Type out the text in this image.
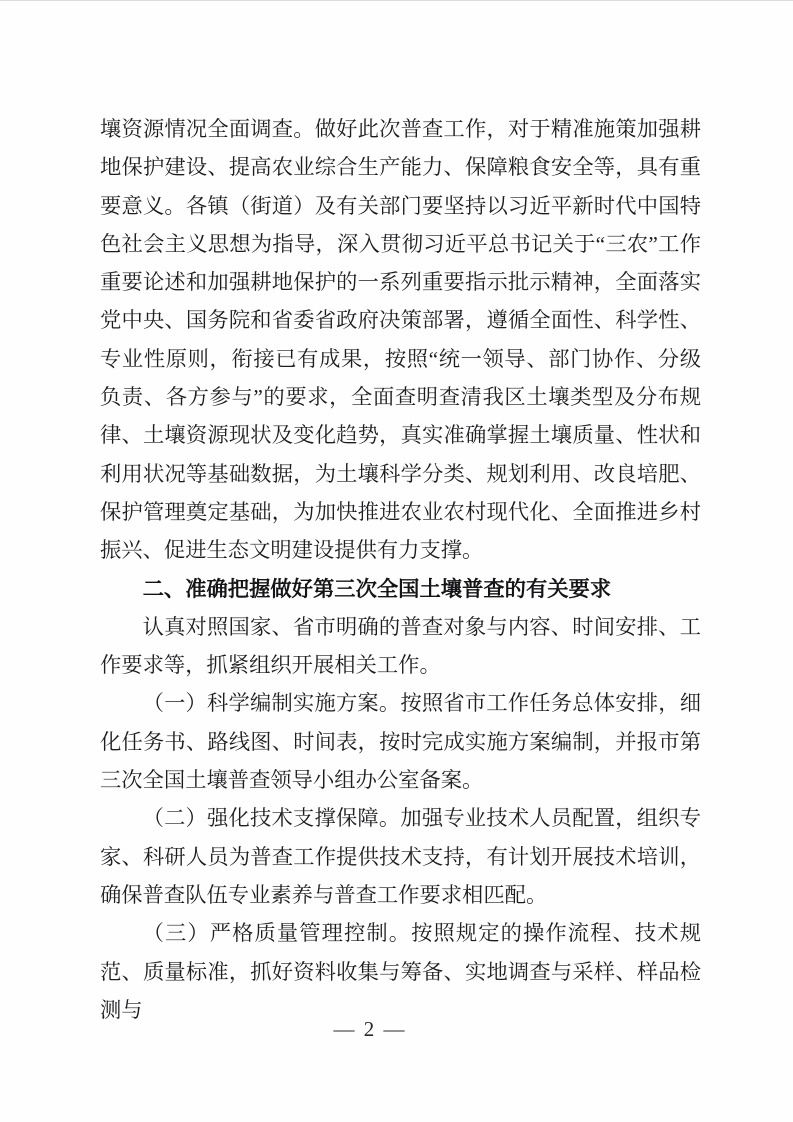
壤资源情况全面调查。做好此次普查工作，对于精准施策加强耕地保护建设、提高农业综合生产能力、保障粮食安全等，具有重要意义。各镇（街道）及有关部门要坚持以习近平新时代中国特色社会主义思想为指导，深入贯彻习近平总书记关于“三农”工作重要论述和加强耕地保护的一系列重要指示批示精神，全面落实党中央、国务院和省委省政府决策部署，遵循全面性、科学性、专业性原则，衔接已有成果，按照“统一领导、部门协作、分级负责、各方参与”的要求，全面查明查清我区土壤类型及分布规律、土壤资源现状及变化趋势，真实准确掌握土壤质量、性状和利用状况等基础数据，为土壤科学分类、规划利用、改良培肥、保护管理奠定基础，为加快推进农业农村现代化、全面推进乡村振兴、促进生态文明建设提供有力支撑。

二、准确把握做好第三次全国土壤普查的有关要求

认真对照国家、省市明确的普查对象与内容、时间安排、工作要求等，抓紧组织开展相关工作。

（一）科学编制实施方案。按照省市工作任务总体安排，细化任务书、路线图、时间表，按时完成实施方案编制，并报市第三次全国土壤普查领导小组办公室备案。

（二）强化技术支撑保障。加强专业技术人员配置，组织专家、科研人员为普查工作提供技术支持，有计划开展技术培训，确保普查队伍专业素养与普查工作要求相匹配。

（三）严格质量管理控制。按照规定的操作流程、技术规范、质量标准，抓好资料收集与筹备、实地调查与采样、样品检测与

— 2 —
